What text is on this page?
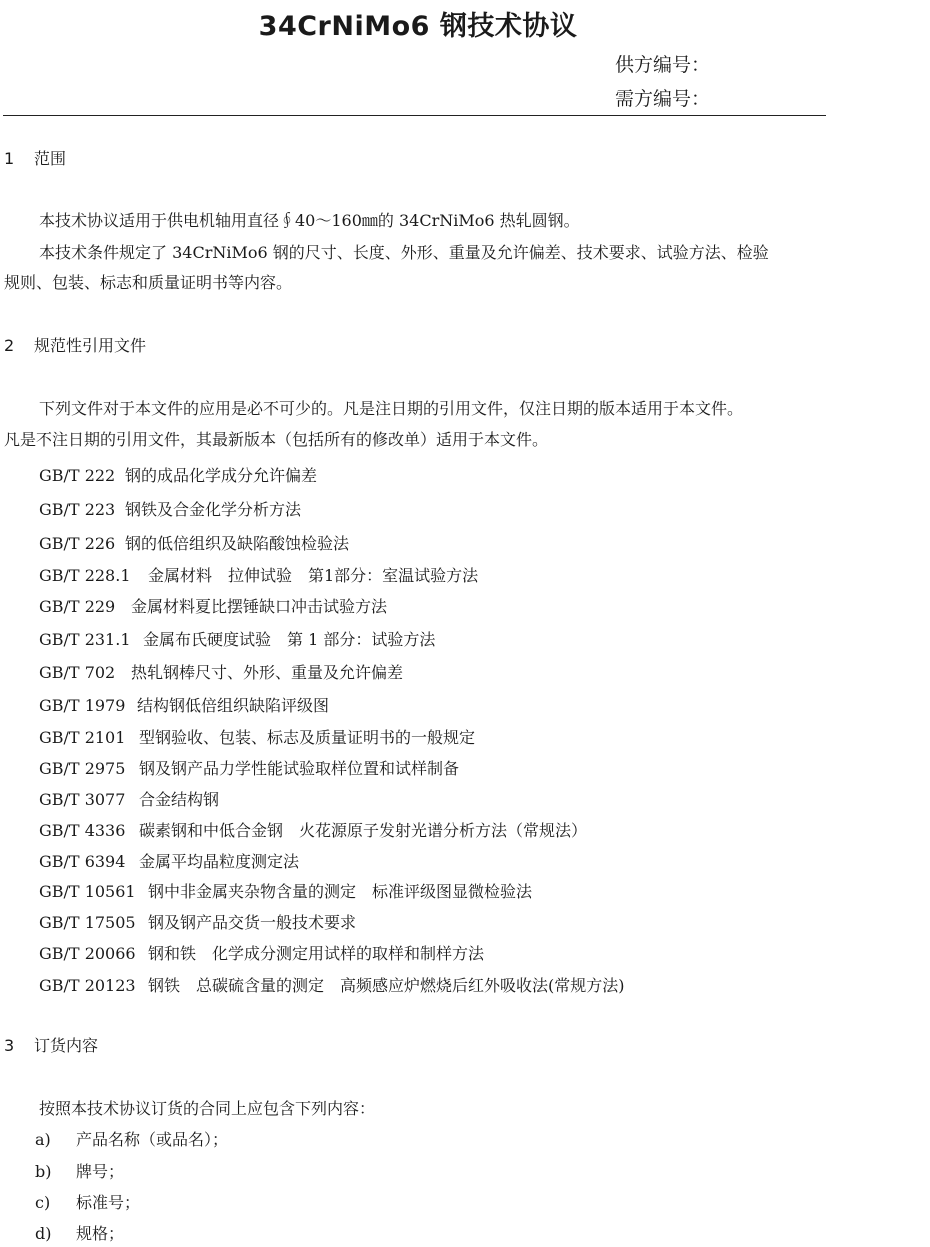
34CrNiMo6 钢技术协议
供方编号：
需方编号：
1 范围
本技术协议适用于供电机轴用直径∮40～160㎜的 34CrNiMo6 热轧圆钢。
本技术条件规定了 34CrNiMo6 钢的尺寸、长度、外形、重量及允许偏差、技术要求、试验方法、检验
规则、包装、标志和质量证明书等内容。
2 规范性引用文件
下列文件对于本文件的应用是必不可少的。凡是注日期的引用文件，仅注日期的版本适用于本文件。
凡是不注日期的引用文件，其最新版本（包括所有的修改单）适用于本文件。
GB/T 222 钢的成品化学成分允许偏差
GB/T 223 钢铁及合金化学分析方法
GB/T 226 钢的低倍组织及缺陷酸蚀检验法
GB/T 228.1 金属材料　拉伸试验　第1部分：室温试验方法
GB/T 229 金属材料夏比摆锤缺口冲击试验方法
GB/T 231.1 金属布氏硬度试验　第 1 部分：试验方法
GB/T 702 热轧钢棒尺寸、外形、重量及允许偏差
GB/T 1979 结构钢低倍组织缺陷评级图
GB/T 2101 型钢验收、包装、标志及质量证明书的一般规定
GB/T 2975 钢及钢产品力学性能试验取样位置和试样制备
GB/T 3077 合金结构钢
GB/T 4336 碳素钢和中低合金钢　火花源原子发射光谱分析方法（常规法）
GB/T 6394 金属平均晶粒度测定法
GB/T 10561 钢中非金属夹杂物含量的测定　标准评级图显微检验法
GB/T 17505 钢及钢产品交货一般技术要求
GB/T 20066 钢和铁　化学成分测定用试样的取样和制样方法
GB/T 20123 钢铁　总碳硫含量的测定　高频感应炉燃烧后红外吸收法(常规方法)
3 订货内容
按照本技术协议订货的合同上应包含下列内容：
a) 产品名称（或品名）；
b) 牌号；
c) 标准号；
d) 规格；
